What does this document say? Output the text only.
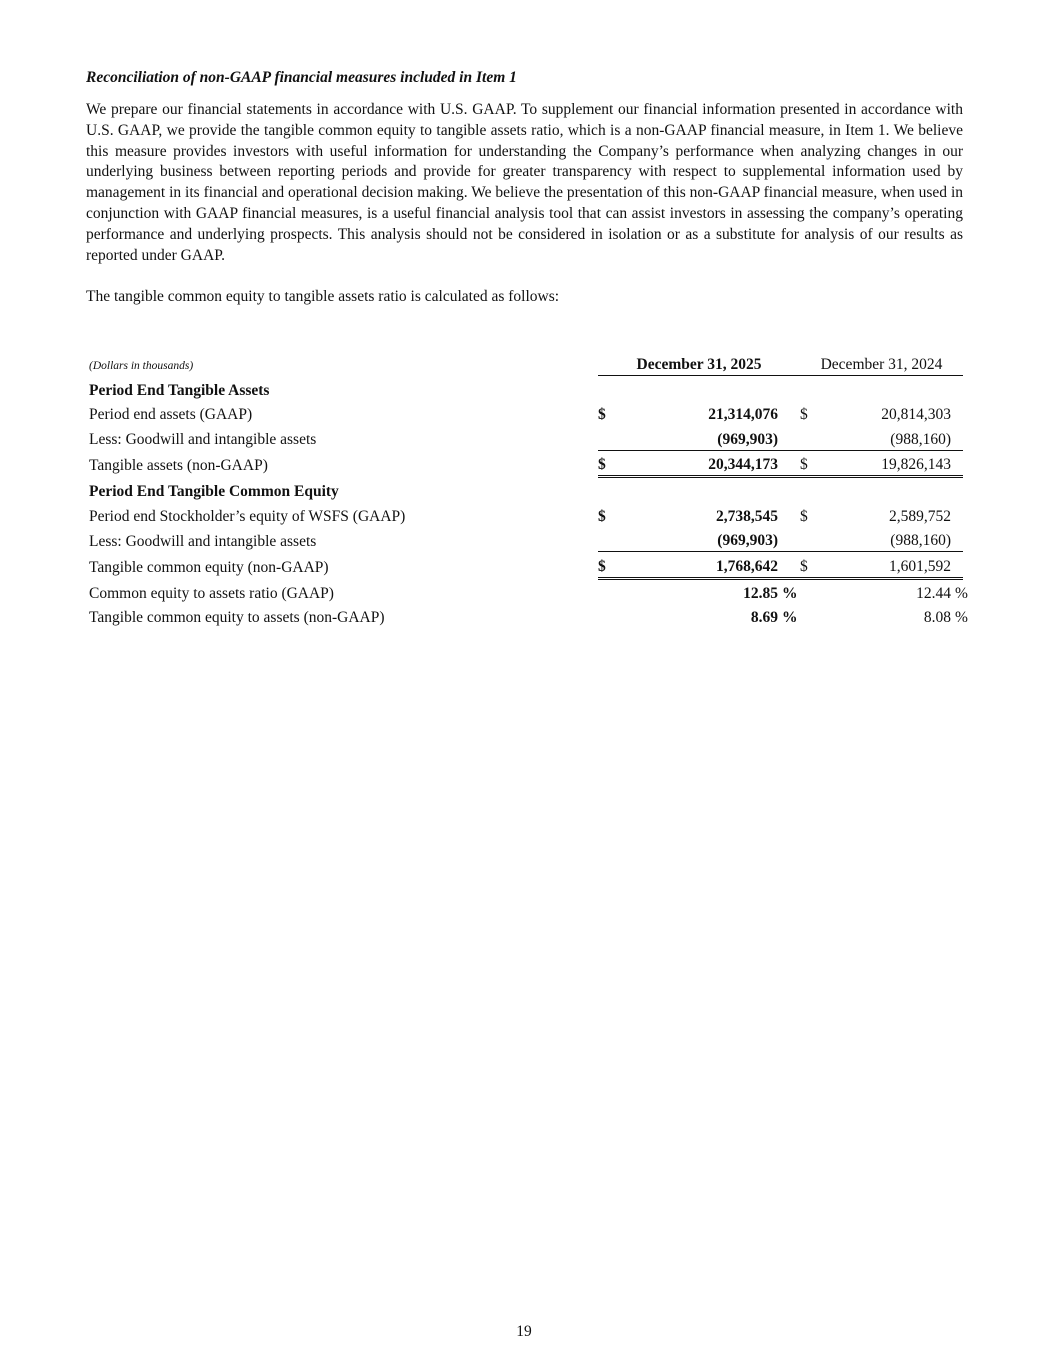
Reconciliation of non-GAAP financial measures included in Item 1

We prepare our financial statements in accordance with U.S. GAAP. To supplement our financial information presented in accordance with U.S. GAAP, we provide the tangible common equity to tangible assets ratio, which is a non-GAAP financial measure, in Item 1. We believe this measure provides investors with useful information for understanding the Company’s performance when analyzing changes in our underlying business between reporting periods and provide for greater transparency with respect to supplemental information used by management in its financial and operational decision making. We believe the presentation of this non-GAAP financial measure, when used in conjunction with GAAP financial measures, is a useful financial analysis tool that can assist investors in assessing the company’s operating performance and underlying prospects. This analysis should not be considered in isolation or as a substitute for analysis of our results as reported under GAAP.

The tangible common equity to tangible assets ratio is calculated as follows:

(Dollars in thousands)	December 31, 2025			December 31, 2024		
Period End Tangible Assets						
Period end assets (GAAP)	$	21,314,076		$	20,814,303	
Less: Goodwill and intangible assets		(969,903)			(988,160)	
Tangible assets (non-GAAP)	$	20,344,173		$	19,826,143	
Period End Tangible Common Equity						
Period end Stockholder’s equity of WSFS (GAAP)	$	2,738,545		$	2,589,752	
Less: Goodwill and intangible assets		(969,903)			(988,160)	
Tangible common equity (non-GAAP)	$	1,768,642		$	1,601,592	
Common equity to assets ratio (GAAP)		12.85	%		12.44	%
Tangible common equity to assets (non-GAAP)		8.69	%		8.08	%
19
